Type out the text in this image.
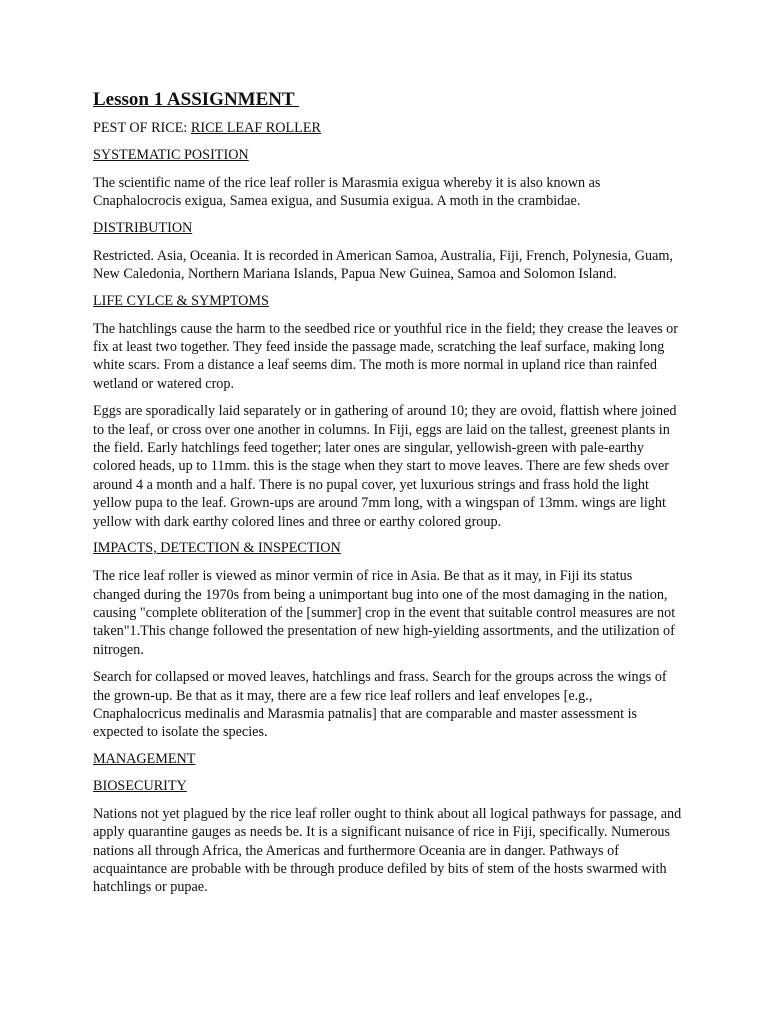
Lesson 1 ASSIGNMENT
PEST OF RICE: RICE LEAF ROLLER
SYSTEMATIC POSITION

The scientific name of the rice leaf roller is Marasmia exigua whereby it is also known as Cnaphalocrocis exigua, Samea exigua, and Susumia exigua. A moth in the crambidae.

DISTRIBUTION

Restricted. Asia, Oceania. It is recorded in American Samoa, Australia, Fiji, French, Polynesia, Guam, New Caledonia, Northern Mariana Islands, Papua New Guinea, Samoa and Solomon Island.

LIFE CYLCE & SYMPTOMS

The hatchlings cause the harm to the seedbed rice or youthful rice in the field; they crease the leaves or fix at least two together. They feed inside the passage made, scratching the leaf surface, making long white scars. From a distance a leaf seems dim. The moth is more normal in upland rice than rainfed wetland or watered crop.

Eggs are sporadically laid separately or in gathering of around 10; they are ovoid, flattish where joined to the leaf, or cross over one another in columns. In Fiji, eggs are laid on the tallest, greenest plants in the field. Early hatchlings feed together; later ones are singular, yellowish-green with pale-earthy colored heads, up to 11mm. this is the stage when they start to move leaves. There are few sheds over around 4 a month and a half. There is no pupal cover, yet luxurious strings and frass hold the light yellow pupa to the leaf. Grown-ups are around 7mm long, with a wingspan of 13mm. wings are light yellow with dark earthy colored lines and three or earthy colored group.

IMPACTS, DETECTION & INSPECTION

The rice leaf roller is viewed as minor vermin of rice in Asia. Be that as it may, in Fiji its status changed during the 1970s from being a unimportant bug into one of the most damaging in the nation, causing "complete obliteration of the [summer] crop in the event that suitable control measures are not taken"1.This change followed the presentation of new high-yielding assortments, and the utilization of nitrogen.

Search for collapsed or moved leaves, hatchlings and frass. Search for the groups across the wings of the grown-up. Be that as it may, there are a few rice leaf rollers and leaf envelopes [e.g., Cnaphalocricus medinalis and Marasmia patnalis] that are comparable and master assessment is expected to isolate the species.

MANAGEMENT
BIOSECURITY

Nations not yet plagued by the rice leaf roller ought to think about all logical pathways for passage, and apply quarantine gauges as needs be. It is a significant nuisance of rice in Fiji, specifically. Numerous nations all through Africa, the Americas and furthermore Oceania are in danger. Pathways of acquaintance are probable with be through produce defiled by bits of stem of the hosts swarmed with hatchlings or pupae.
